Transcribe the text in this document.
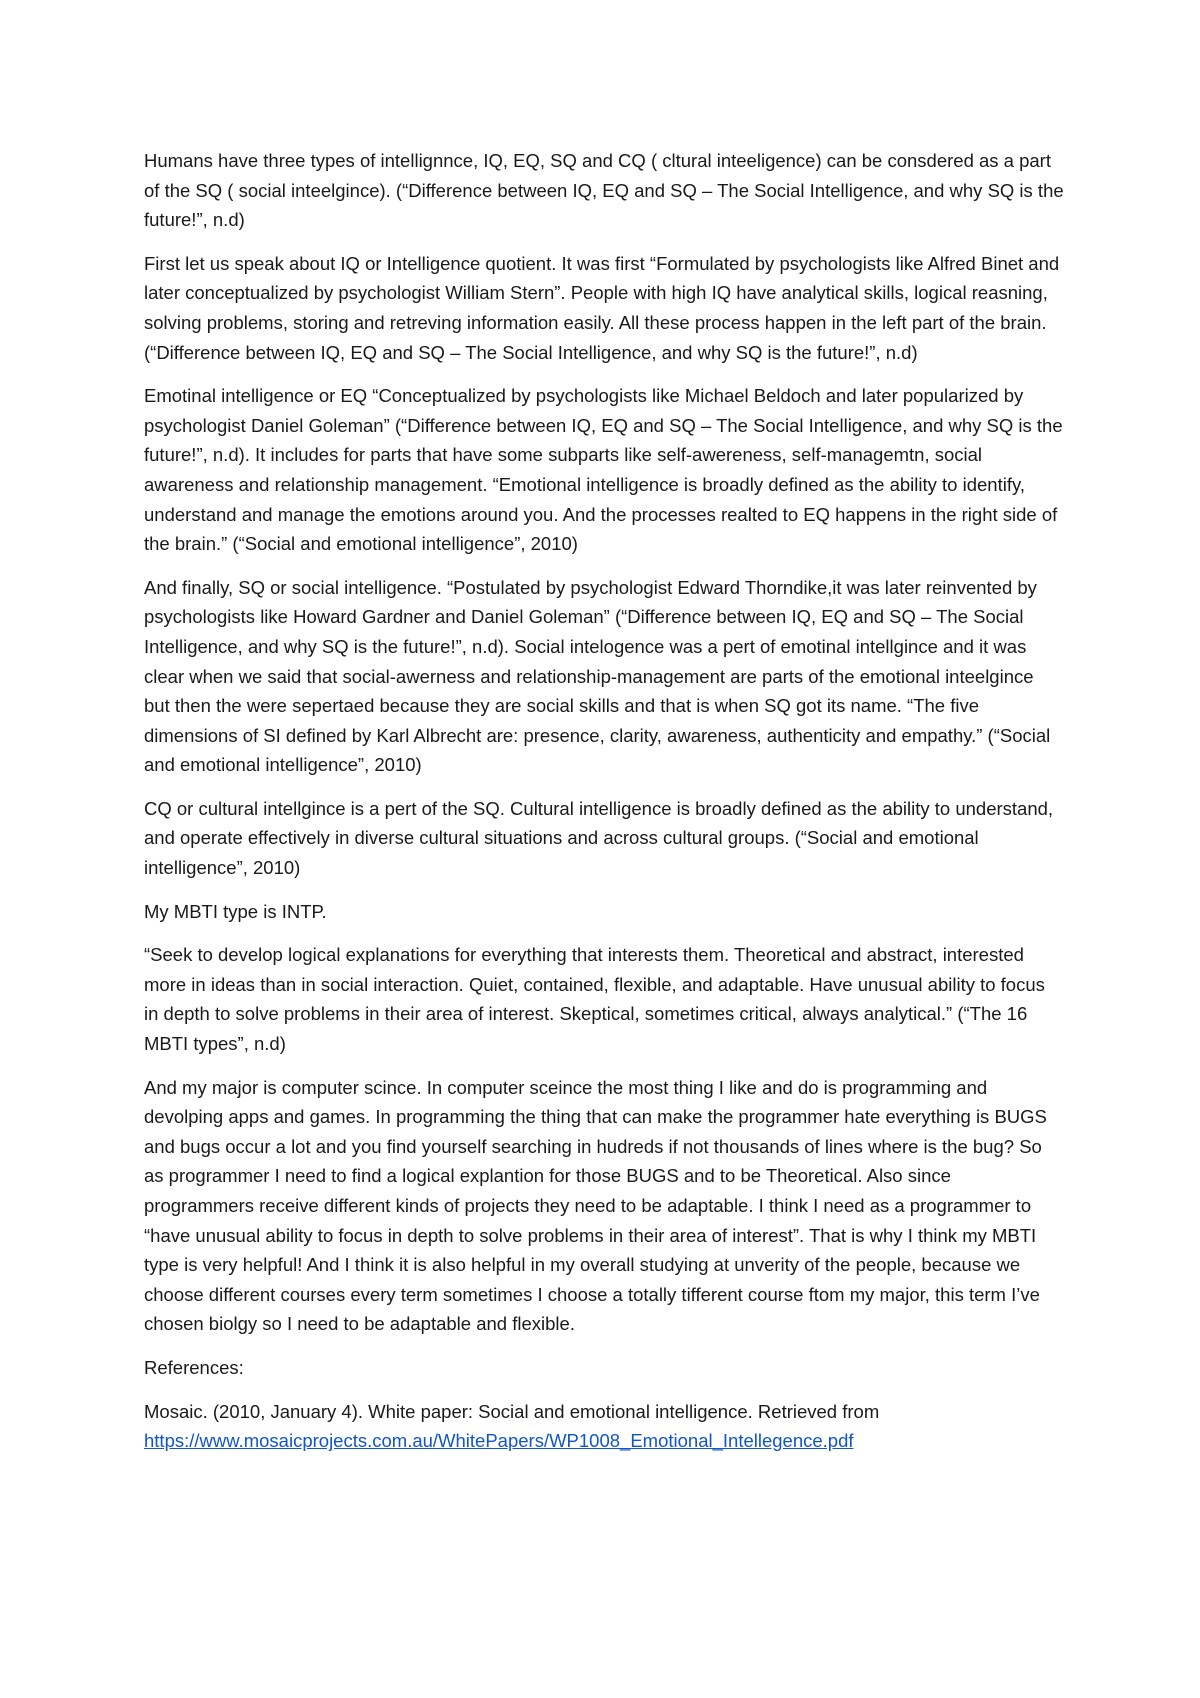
Humans have three types of intellignnce, IQ, EQ, SQ and CQ ( cltural inteeligence) can be consdered as a part of the SQ ( social inteelgince). (“Difference between IQ, EQ and SQ – The Social Intelligence, and why SQ is the future!”, n.d)

First let us speak about IQ or Intelligence quotient. It was first “Formulated by psychologists like Alfred Binet and later conceptualized by psychologist William Stern”. People with high IQ have analytical skills, logical reasning, solving problems, storing and retreving information easily. All these process happen in the left part of the brain. (“Difference between IQ, EQ and SQ – The Social Intelligence, and why SQ is the future!”, n.d)

Emotinal intelligence or EQ “Conceptualized by psychologists like Michael Beldoch and later popularized by psychologist Daniel Goleman” (“Difference between IQ, EQ and SQ – The Social Intelligence, and why SQ is the future!”, n.d). It includes for parts that have some subparts like self-awereness, self-managemtn, social awareness and relationship management. “Emotional intelligence is broadly defined as the ability to identify, understand and manage the emotions around you. And the processes realted to EQ happens in the right side of the brain.” (“Social and emotional intelligence”, 2010)

And finally, SQ or social intelligence. “Postulated by psychologist Edward Thorndike,it was later reinvented by psychologists like Howard Gardner and Daniel Goleman” (“Difference between IQ, EQ and SQ – The Social Intelligence, and why SQ is the future!”, n.d). Social intelogence was a pert of emotinal intellgince and it was clear when we said that social-awerness and relationship-management are parts of the emotional inteelgince but then the were sepertaed because they are social skills and that is when SQ got its name. “The five dimensions of SI defined by Karl Albrecht are: presence, clarity, awareness, authenticity and empathy.” (“Social and emotional intelligence”, 2010)

CQ or cultural intellgince is a pert of the SQ. Cultural intelligence is broadly defined as the ability to understand, and operate effectively in diverse cultural situations and across cultural groups. (“Social and emotional intelligence”, 2010)

My MBTI type is INTP.

“Seek to develop logical explanations for everything that interests them. Theoretical and abstract, interested more in ideas than in social interaction. Quiet, contained, flexible, and adaptable. Have unusual ability to focus in depth to solve problems in their area of interest. Skeptical, sometimes critical, always analytical.” (“The 16 MBTI types”, n.d)

And my major is computer scince. In computer sceince the most thing I like and do is programming and devolping apps and games. In programming the thing that can make the programmer hate everything is BUGS and bugs occur a lot and you find yourself searching in hudreds if not thousands of lines where is the bug? So as programmer I need to find a logical explantion for those BUGS and to be Theoretical. Also since programmers receive different kinds of projects they need to be adaptable. I think I need as a programmer to “have unusual ability to focus in depth to solve problems in their area of interest”. That is why I think my MBTI type is very helpful! And I think it is also helpful in my overall studying at unverity of the people, because we choose different courses every term sometimes I choose a totally tifferent course ftom my major, this term I’ve chosen biolgy so I need to be adaptable and flexible.

References:

Mosaic. (2010, January 4). White paper: Social and emotional intelligence. Retrieved from
https://www.mosaicprojects.com.au/WhitePapers/WP1008_Emotional_Intellegence.pdf
